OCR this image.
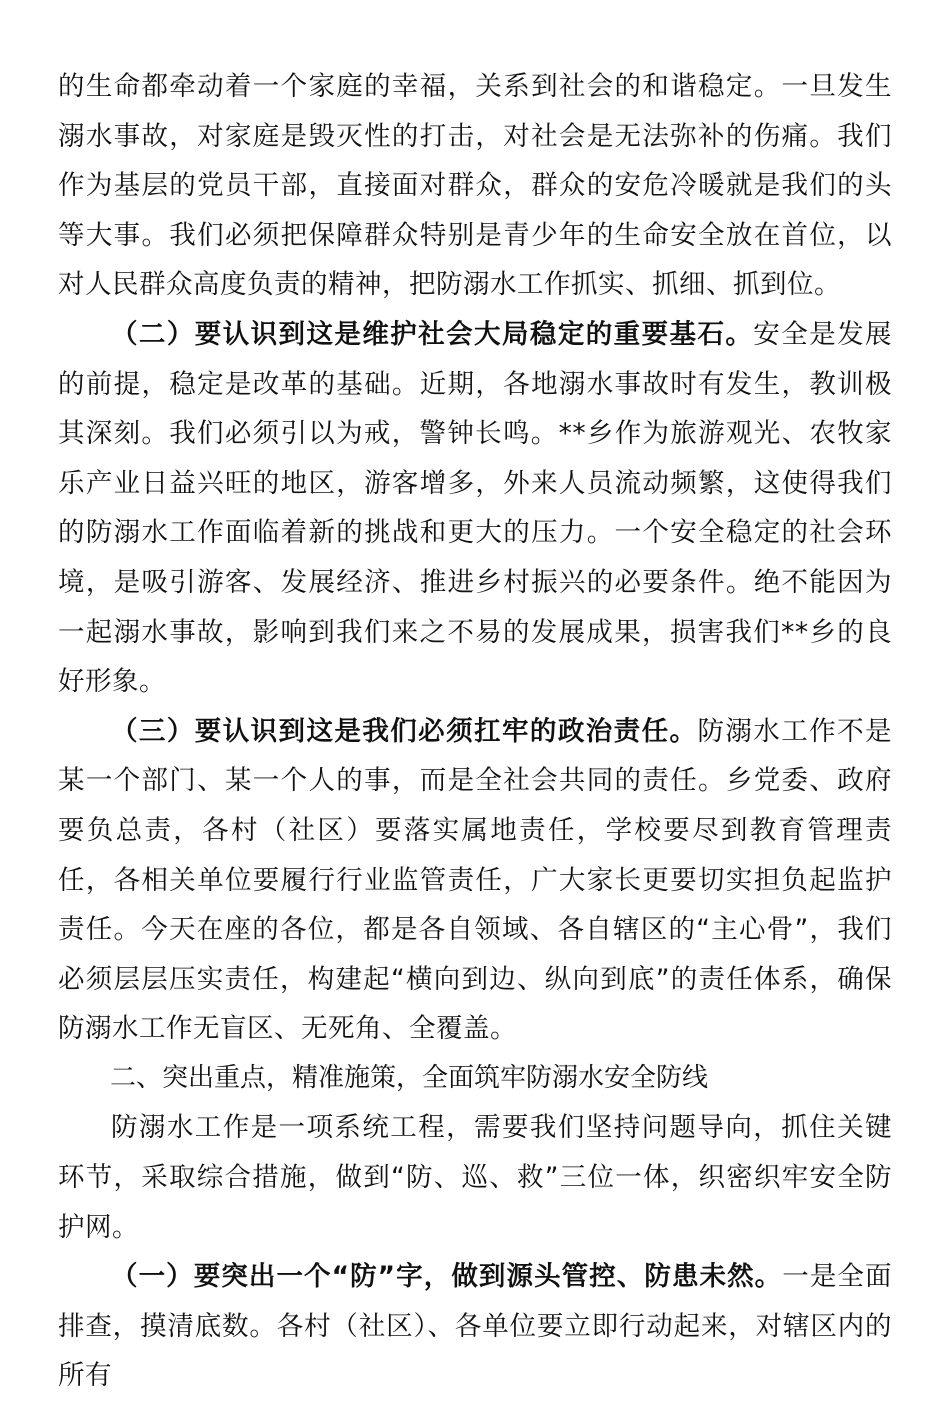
的生命都牵动着一个家庭的幸福，关系到社会的和谐稳定。一旦发生溺水事故，对家庭是毁灭性的打击，对社会是无法弥补的伤痛。我们作为基层的党员干部，直接面对群众，群众的安危冷暖就是我们的头等大事。我们必须把保障群众特别是青少年的生命安全放在首位，以对人民群众高度负责的精神，把防溺水工作抓实、抓细、抓到位。

（二）要认识到这是维护社会大局稳定的重要基石。安全是发展的前提，稳定是改革的基础。近期，各地溺水事故时有发生，教训极其深刻。我们必须引以为戒，警钟长鸣。**乡作为旅游观光、农牧家乐产业日益兴旺的地区，游客增多，外来人员流动频繁，这使得我们的防溺水工作面临着新的挑战和更大的压力。一个安全稳定的社会环境，是吸引游客、发展经济、推进乡村振兴的必要条件。绝不能因为一起溺水事故，影响到我们来之不易的发展成果，损害我们**乡的良好形象。

（三）要认识到这是我们必须扛牢的政治责任。防溺水工作不是某一个部门、某一个人的事，而是全社会共同的责任。乡党委、政府要负总责，各村（社区）要落实属地责任，学校要尽到教育管理责任，各相关单位要履行行业监管责任，广大家长更要切实担负起监护责任。今天在座的各位，都是各自领域、各自辖区的“主心骨”，我们必须层层压实责任，构建起“横向到边、纵向到底”的责任体系，确保防溺水工作无盲区、无死角、全覆盖。

二、突出重点，精准施策，全面筑牢防溺水安全防线

防溺水工作是一项系统工程，需要我们坚持问题导向，抓住关键环节，采取综合措施，做到“防、巡、救”三位一体，织密织牢安全防护网。

（一）要突出一个“防”字，做到源头管控、防患未然。一是全面排查，摸清底数。各村（社区）、各单位要立即行动起来，对辖区内的所有
